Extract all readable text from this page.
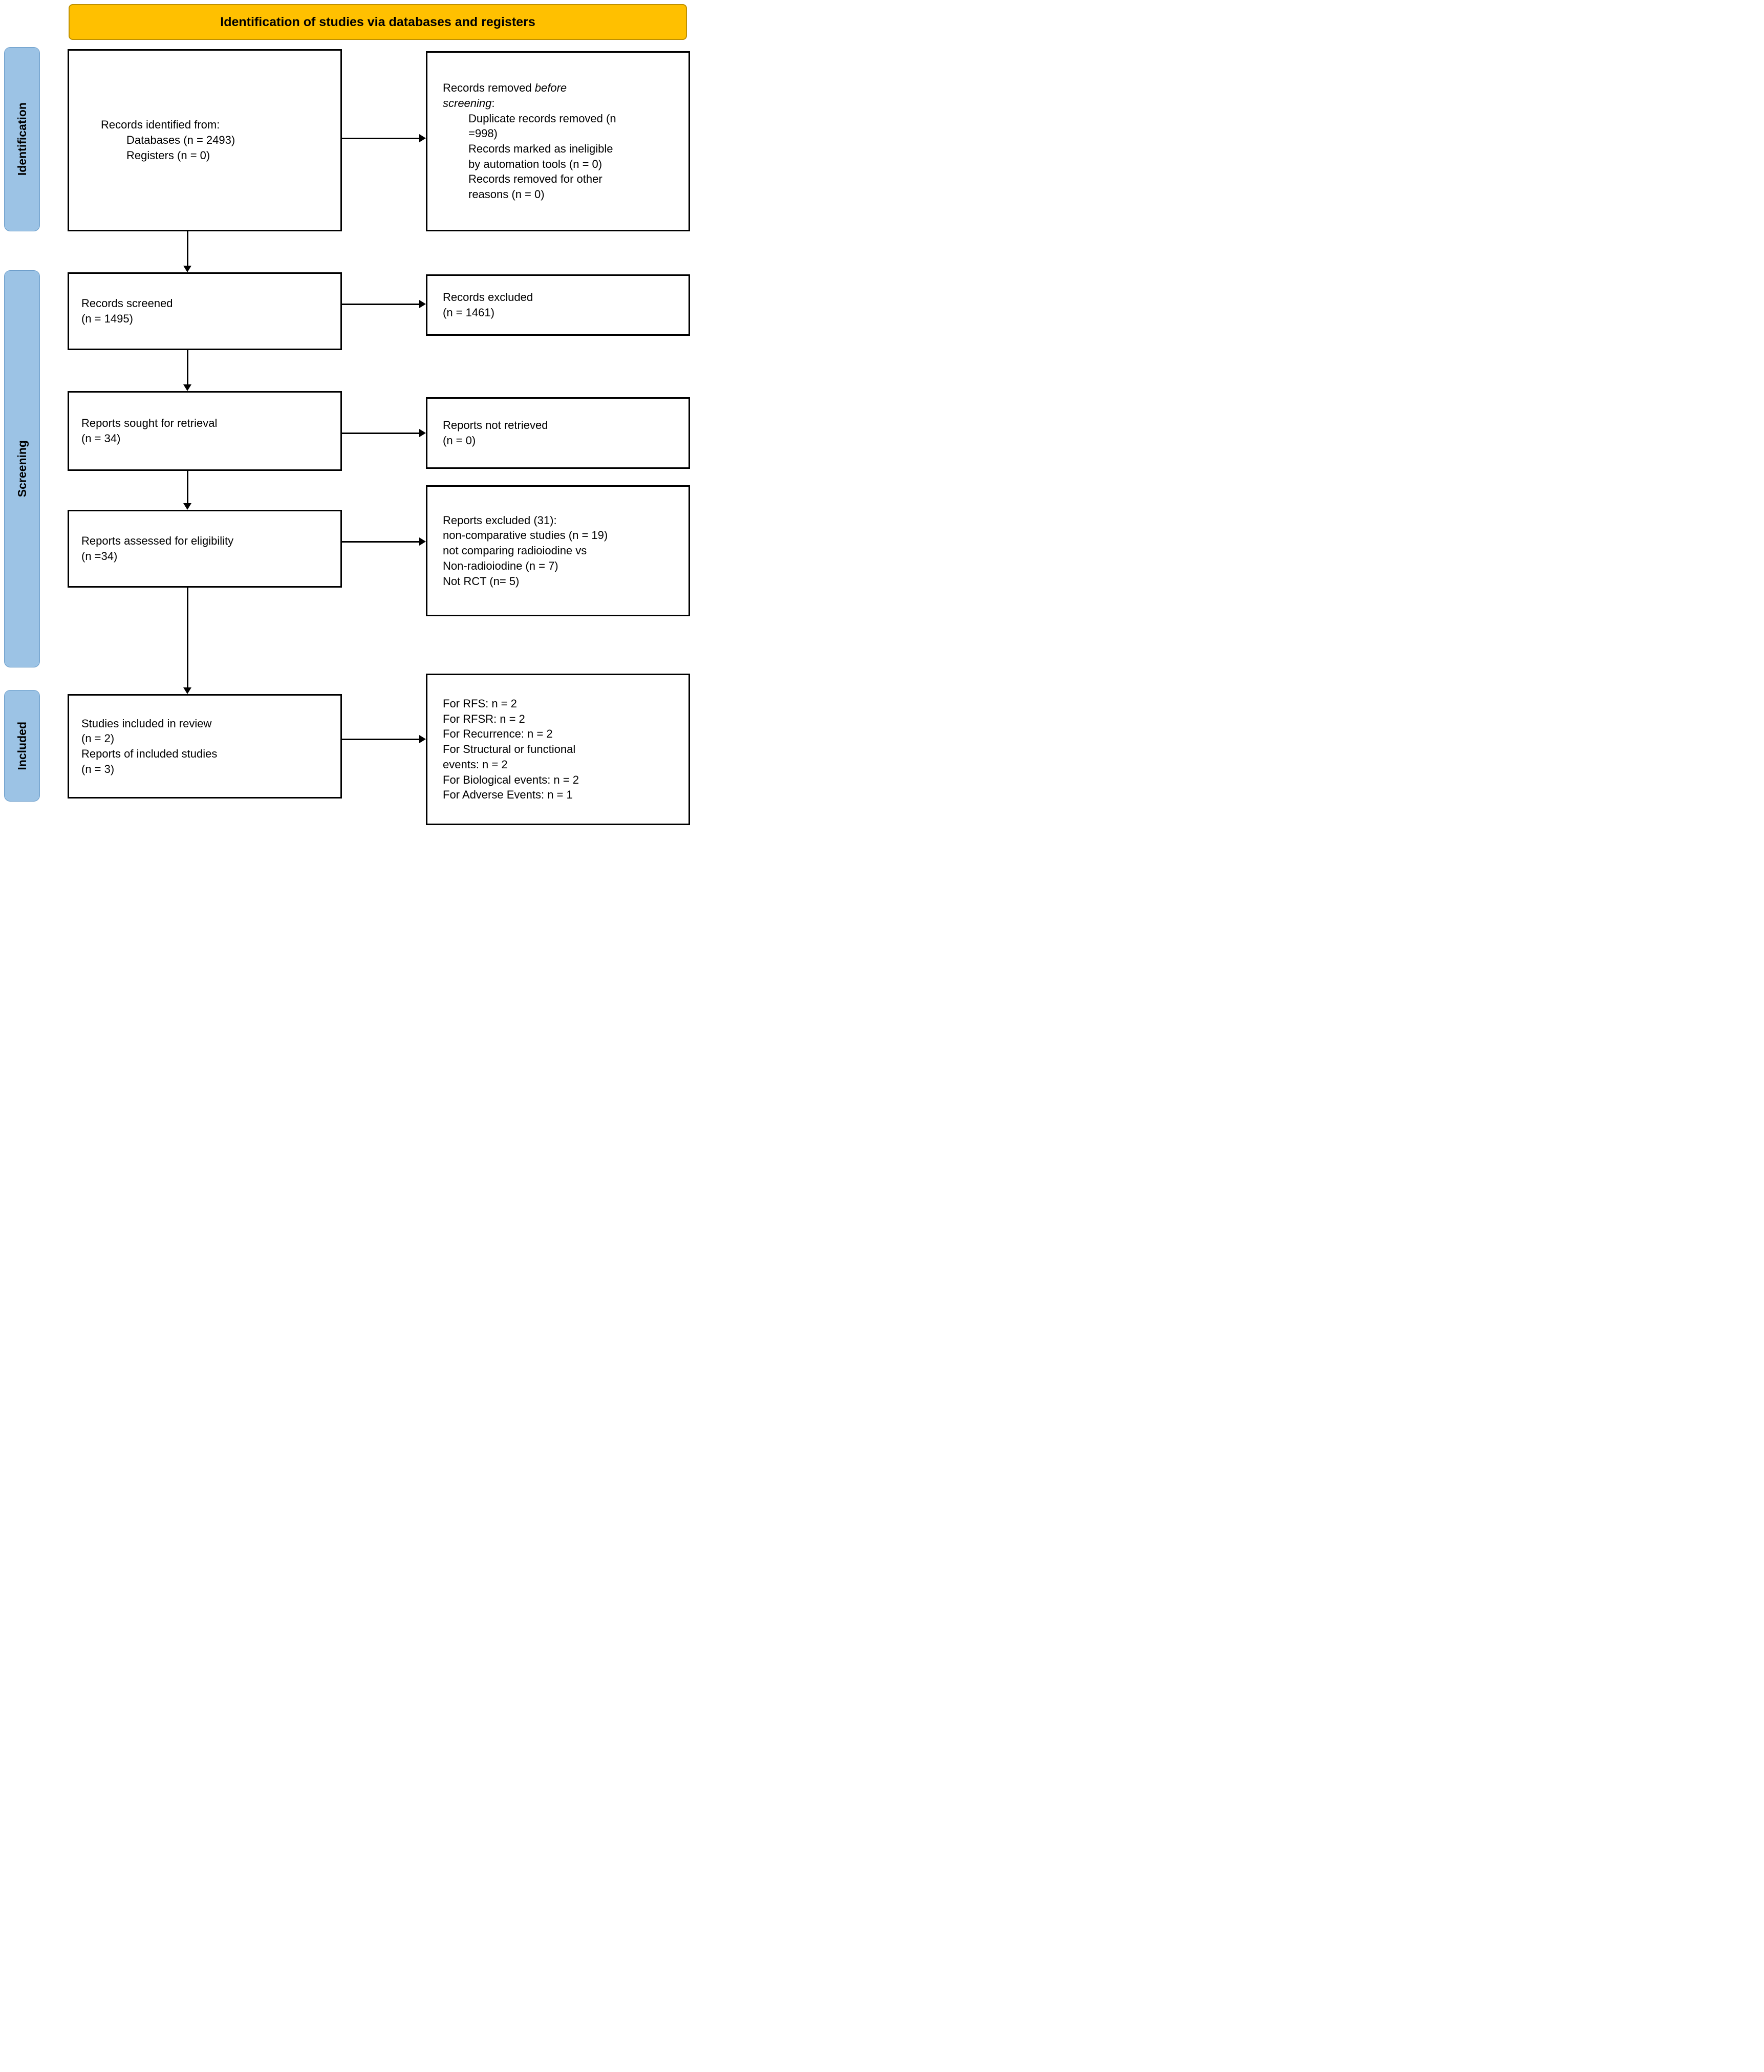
Identification of studies via databases and registers
Identification
Screening
Included
Records identified from:
Databases (n = 2493)
Registers (n = 0)
Records screened
(n = 1495)
Reports sought for retrieval
(n = 34)
Reports assessed for eligibility
(n =34)
Studies included in review
(n = 2)
Reports of included studies
(n = 3)
Records removed before
screening:
Duplicate records removed (n
=998)
Records marked as ineligible
by automation tools (n = 0)
Records removed for other
reasons (n = 0)
Records excluded
(n = 1461)
Reports not retrieved
(n = 0)
Reports excluded (31):
non-comparative studies (n = 19)
not comparing radioiodine vs
Non-radioiodine (n = 7)
Not RCT (n= 5)
For RFS: n = 2
For RFSR: n = 2
For Recurrence: n = 2
For Structural or functional
events: n = 2
For Biological events: n = 2
For Adverse Events: n = 1
